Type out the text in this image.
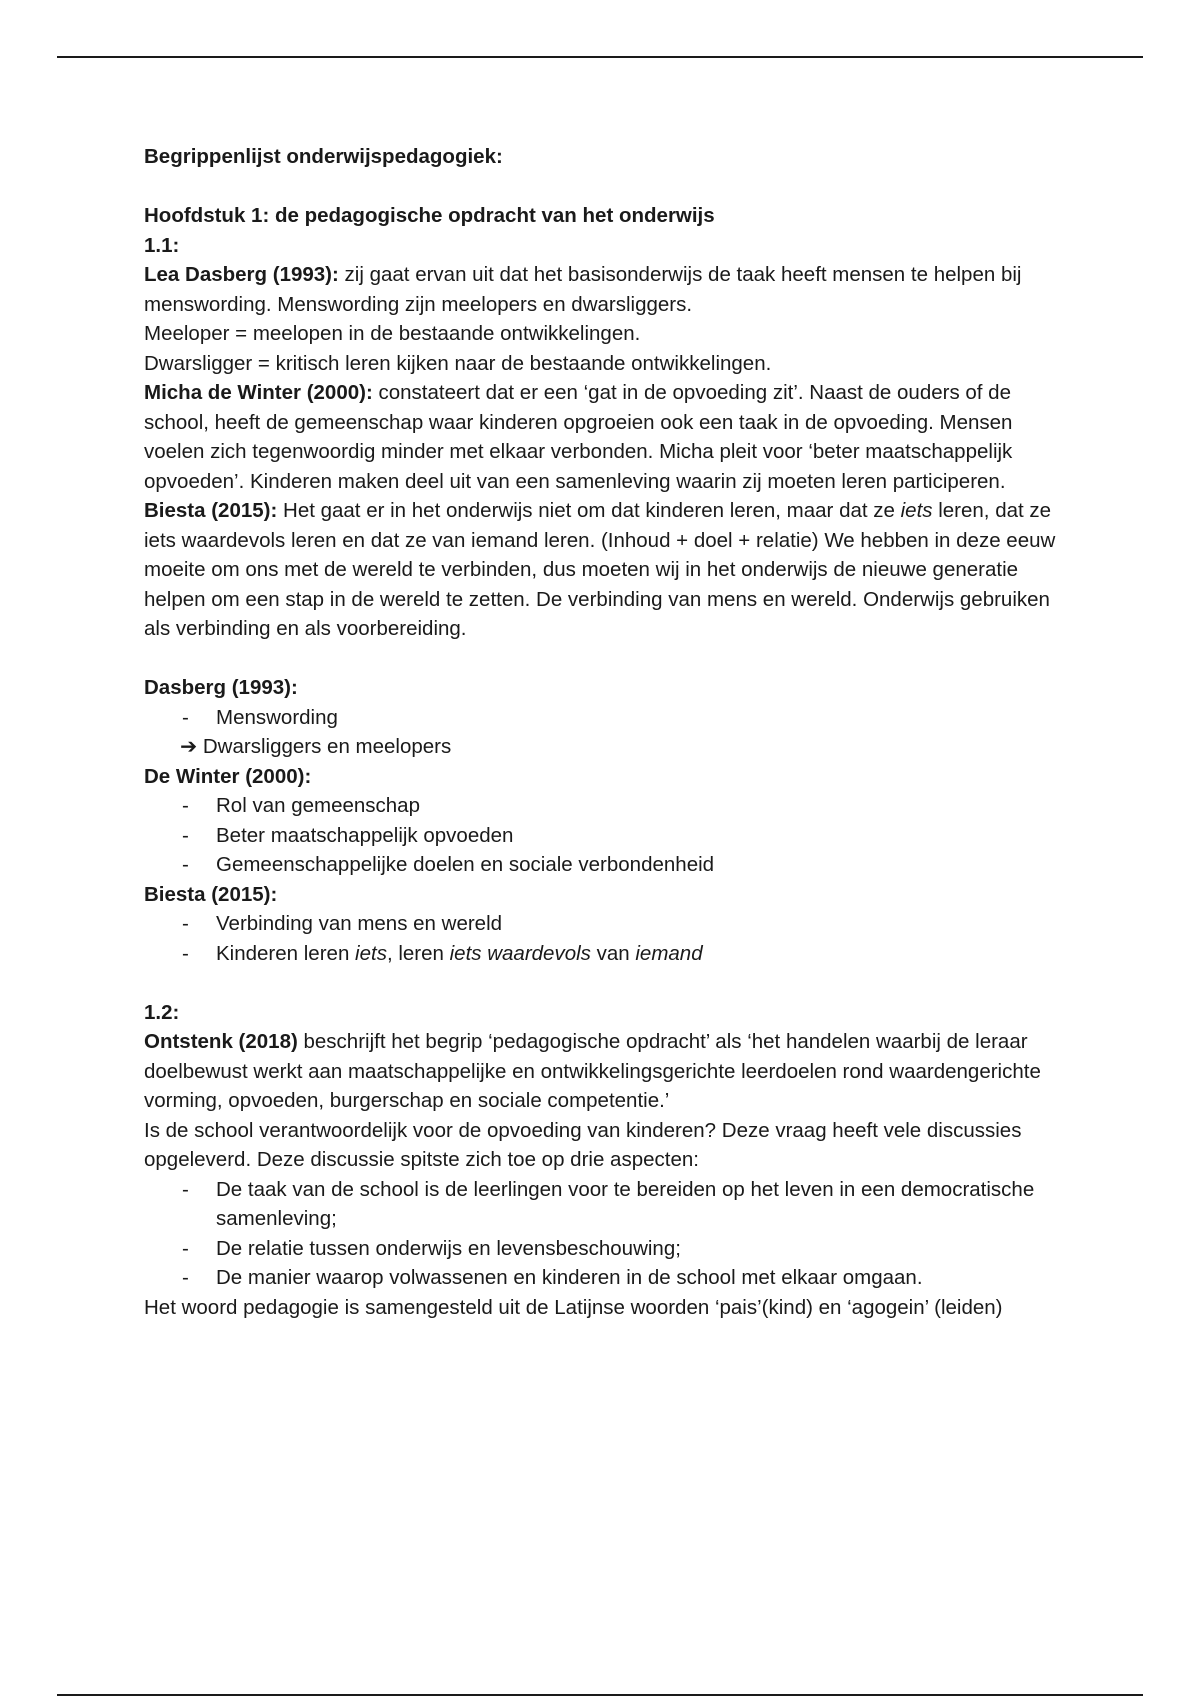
Begrippenlijst onderwijspedagogiek:

Hoofdstuk 1: de pedagogische opdracht van het onderwijs

1.1:

Lea Dasberg (1993): zij gaat ervan uit dat het basisonderwijs de taak heeft mensen te helpen bij menswording. Menswording zijn meelopers en dwarsliggers.

Meeloper = meelopen in de bestaande ontwikkelingen.

Dwarsligger = kritisch leren kijken naar de bestaande ontwikkelingen.

Micha de Winter (2000): constateert dat er een ‘gat in de opvoeding zit’. Naast de ouders of de school, heeft de gemeenschap waar kinderen opgroeien ook een taak in de opvoeding. Mensen voelen zich tegenwoordig minder met elkaar verbonden. Micha pleit voor ‘beter maatschappelijk opvoeden’. Kinderen maken deel uit van een samenleving waarin zij moeten leren participeren.

Biesta (2015): Het gaat er in het onderwijs niet om dat kinderen leren, maar dat ze iets leren, dat ze iets waardevols leren en dat ze van iemand leren. (Inhoud + doel + relatie) We hebben in deze eeuw moeite om ons met de wereld te verbinden, dus moeten wij in het onderwijs de nieuwe generatie helpen om een stap in de wereld te zetten. De verbinding van mens en wereld. Onderwijs gebruiken als verbinding en als voorbereiding.

Dasberg (1993):

- Menswording

➔ Dwarsliggers en meelopers

De Winter (2000):

- Rol van gemeenschap
- Beter maatschappelijk opvoeden
- Gemeenschappelijke doelen en sociale verbondenheid

Biesta (2015):

- Verbinding van mens en wereld
- Kinderen leren iets, leren iets waardevols van iemand

1.2:

Ontstenk (2018) beschrijft het begrip ‘pedagogische opdracht’ als ‘het handelen waarbij de leraar doelbewust werkt aan maatschappelijke en ontwikkelingsgerichte leerdoelen rond waardengerichte vorming, opvoeden, burgerschap en sociale competentie.’

Is de school verantwoordelijk voor de opvoeding van kinderen? Deze vraag heeft vele discussies opgeleverd. Deze discussie spitste zich toe op drie aspecten:

- De taak van de school is de leerlingen voor te bereiden op het leven in een democratische samenleving;
- De relatie tussen onderwijs en levensbeschouwing;
- De manier waarop volwassenen en kinderen in de school met elkaar omgaan.

Het woord pedagogie is samengesteld uit de Latijnse woorden ‘pais’(kind) en ‘agogein’ (leiden)
